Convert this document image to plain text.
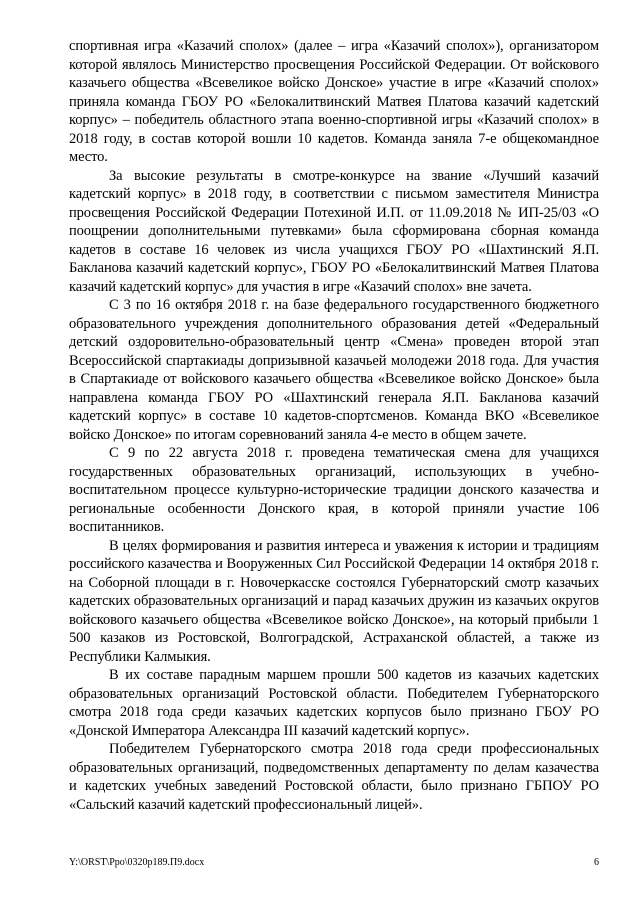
спортивная игра «Казачий сполох» (далее – игра «Казачий сполох»), организатором которой являлось Министерство просвещения Российской Федерации. От войскового казачьего общества «Всевеликое войско Донское» участие в игре «Казачий сполох» приняла команда ГБОУ РО «Белокалитвинский Матвея Платова казачий кадетский корпус» – победитель областного этапа военно-спортивной игры «Казачий сполох» в 2018 году, в состав которой вошли 10 кадетов. Команда заняла 7-е общекомандное место.

За высокие результаты в смотре-конкурсе на звание «Лучший казачий кадетский корпус» в 2018 году, в соответствии с письмом заместителя Министра просвещения Российской Федерации Потехиной И.П. от 11.09.2018 № ИП-25/03 «О поощрении дополнительными путевками» была сформирована сборная команда кадетов в составе 16 человек из числа учащихся ГБОУ РО «Шахтинский Я.П. Бакланова казачий кадетский корпус», ГБОУ РО «Белокалитвинский Матвея Платова казачий кадетский корпус» для участия в игре «Казачий сполох» вне зачета.

С 3 по 16 октября 2018 г. на базе федерального государственного бюджетного образовательного учреждения дополнительного образования детей «Федеральный детский оздоровительно-образовательный центр «Смена» проведен второй этап Всероссийской спартакиады допризывной казачьей молодежи 2018 года. Для участия в Спартакиаде от войскового казачьего общества «Всевеликое войско Донское» была направлена команда ГБОУ РО «Шахтинский генерала Я.П. Бакланова казачий кадетский корпус» в составе 10 кадетов-спортсменов. Команда ВКО «Всевеликое войско Донское» по итогам соревнований заняла 4-е место в общем зачете.

С 9 по 22 августа 2018 г. проведена тематическая смена для учащихся государственных образовательных организаций, использующих в учебно-воспитательном процессе культурно-исторические традиции донского казачества и региональные особенности Донского края, в которой приняли участие 106 воспитанников.

В целях формирования и развития интереса и уважения к истории и традициям российского казачества и Вооруженных Сил Российской Федерации 14 октября 2018 г. на Соборной площади в г. Новочеркасске состоялся Губернаторский смотр казачьих кадетских образовательных организаций и парад казачьих дружин из казачьих округов войскового казачьего общества «Всевеликое войско Донское», на который прибыли 1 500 казаков из Ростовской, Волгоградской, Астраханской областей, а также из Республики Калмыкия.

В их составе парадным маршем прошли 500 кадетов из казачьих кадетских образовательных организаций Ростовской области. Победителем Губернаторского смотра 2018 года среди казачьих кадетских корпусов было признано ГБОУ РО «Донской Императора Александра III казачий кадетский корпус».

Победителем Губернаторского смотра 2018 года среди профессиональных образовательных организаций, подведомственных департаменту по делам казачества и кадетских учебных заведений Ростовской области, было признано ГБПОУ РО «Сальский казачий кадетский профессиональный лицей».

Y:\ORST\Ppo\0320p189.П9.docx	6
